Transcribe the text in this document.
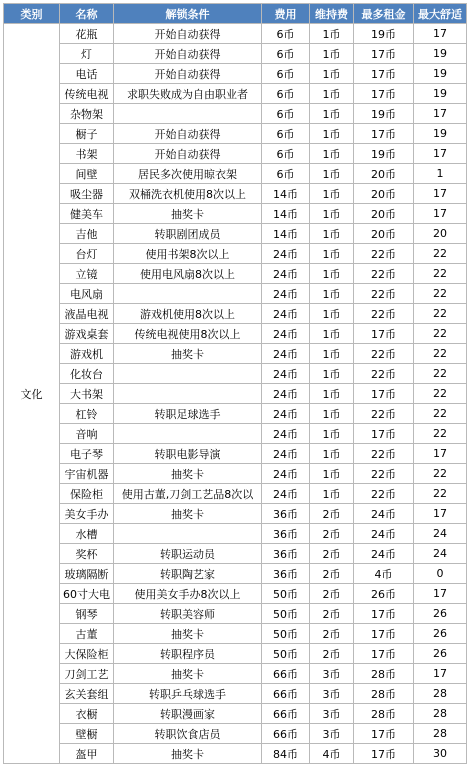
类别	名称	解锁条件	费用	维持费	最多租金	最大舒适
文化	花瓶	开始自动获得	6币	1币	19币	17
	灯	开始自动获得	6币	1币	17币	19
	电话	开始自动获得	6币	1币	17币	19
	传统电视	求职失败成为自由职业者	6币	1币	17币	19
	杂物架		6币	1币	19币	17
	橱子	开始自动获得	6币	1币	17币	19
	书架	开始自动获得	6币	1币	19币	17
	间壁	居民多次使用晾衣架	6币	1币	20币	1
	吸尘器	双桶洗衣机使用8次以上	14币	1币	20币	17
	健美车	抽奖卡	14币	1币	20币	17
	吉他	转职剧团成员	14币	1币	20币	20
	台灯	使用书架8次以上	24币	1币	22币	22
	立镜	使用电风扇8次以上	24币	1币	22币	22
	电风扇		24币	1币	22币	22
	液晶电视	游戏机使用8次以上	24币	1币	22币	22
	游戏桌套	传统电视使用8次以上	24币	1币	17币	22
	游戏机	抽奖卡	24币	1币	22币	22
	化妆台		24币	1币	22币	22
	大书架		24币	1币	17币	22
	杠铃	转职足球选手	24币	1币	22币	22
	音响		24币	1币	17币	22
	电子琴	转职电影导演	24币	1币	22币	17
	宇宙机器	抽奖卡	24币	1币	22币	22
	保险柜	使用古董,刀剑工艺品8次以	24币	1币	22币	22
	美女手办	抽奖卡	36币	2币	24币	17
	水槽		36币	2币	24币	24
	奖杯	转职运动员	36币	2币	24币	24
	玻璃隔断	转职陶艺家	36币	2币	4币	0
	60寸大电	使用美女手办8次以上	50币	2币	26币	17
	钢琴	转职美容师	50币	2币	17币	26
	古董	抽奖卡	50币	2币	17币	26
	大保险柜	转职程序员	50币	2币	17币	26
	刀剑工艺	抽奖卡	66币	3币	28币	17
	玄关套组	转职乒乓球选手	66币	3币	28币	28
	衣橱	转职漫画家	66币	3币	28币	28
	壁橱	转职饮食店员	66币	3币	17币	28
	盔甲	抽奖卡	84币	4币	17币	30
